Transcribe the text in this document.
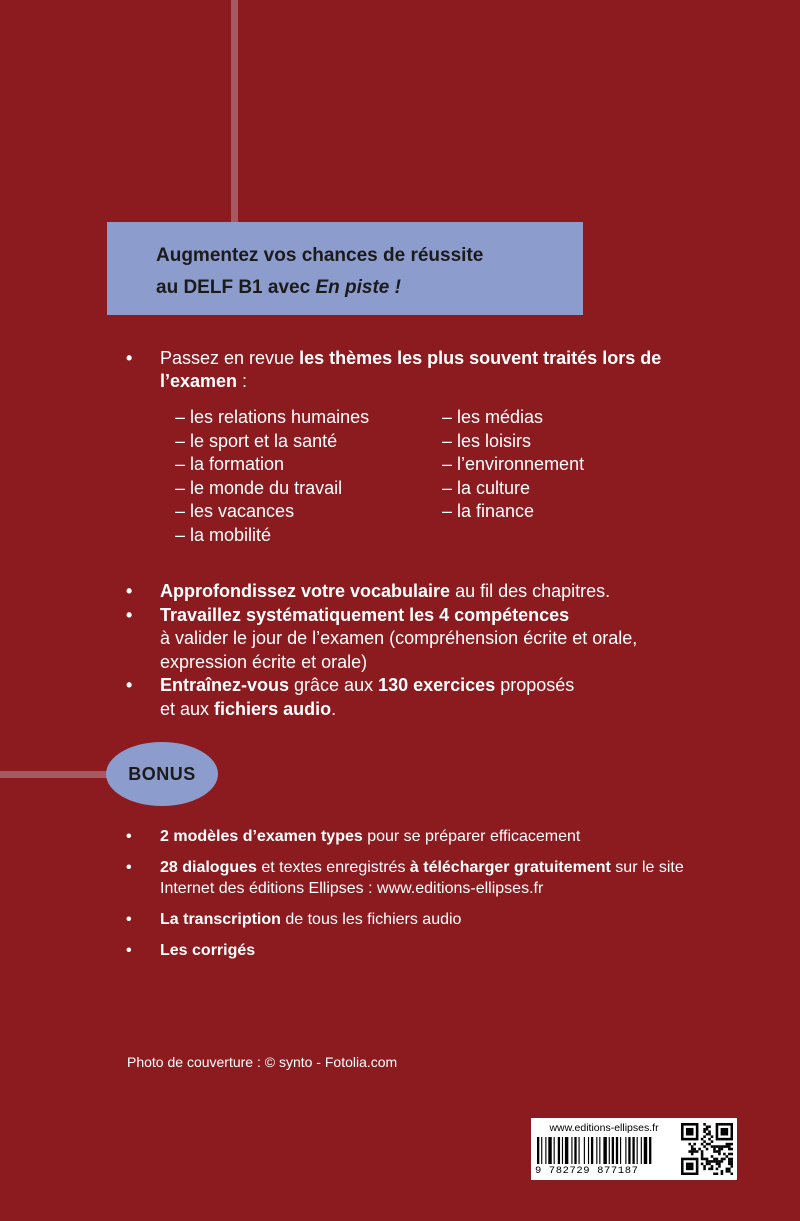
Augmentez vos chances de réussite
au DELF B1 avec En piste !

• Passez en revue les thèmes les plus souvent traités lors de l’examen :
– les relations humaines	– les médias
– le sport et la santé	– les loisirs
– la formation	– l’environnement
– le monde du travail	– la culture
– les vacances	– la finance
– la mobilité
• Approfondissez votre vocabulaire au fil des chapitres.
• Travaillez systématiquement les 4 compétences
à valider le jour de l’examen (compréhension écrite et orale, expression écrite et orale)
• Entraînez-vous grâce aux 130 exercices proposés
et aux fichiers audio.
BONUS
• 2 modèles d’examen types pour se préparer efficacement
• 28 dialogues et textes enregistrés à télécharger gratuitement sur le site Internet des éditions Ellipses : www.editions-ellipses.fr
• La transcription de tous les fichiers audio
• Les corrigés

Photo de couverture : © synto - Fotolia.com

www.editions-ellipses.fr
9 782729 877187
